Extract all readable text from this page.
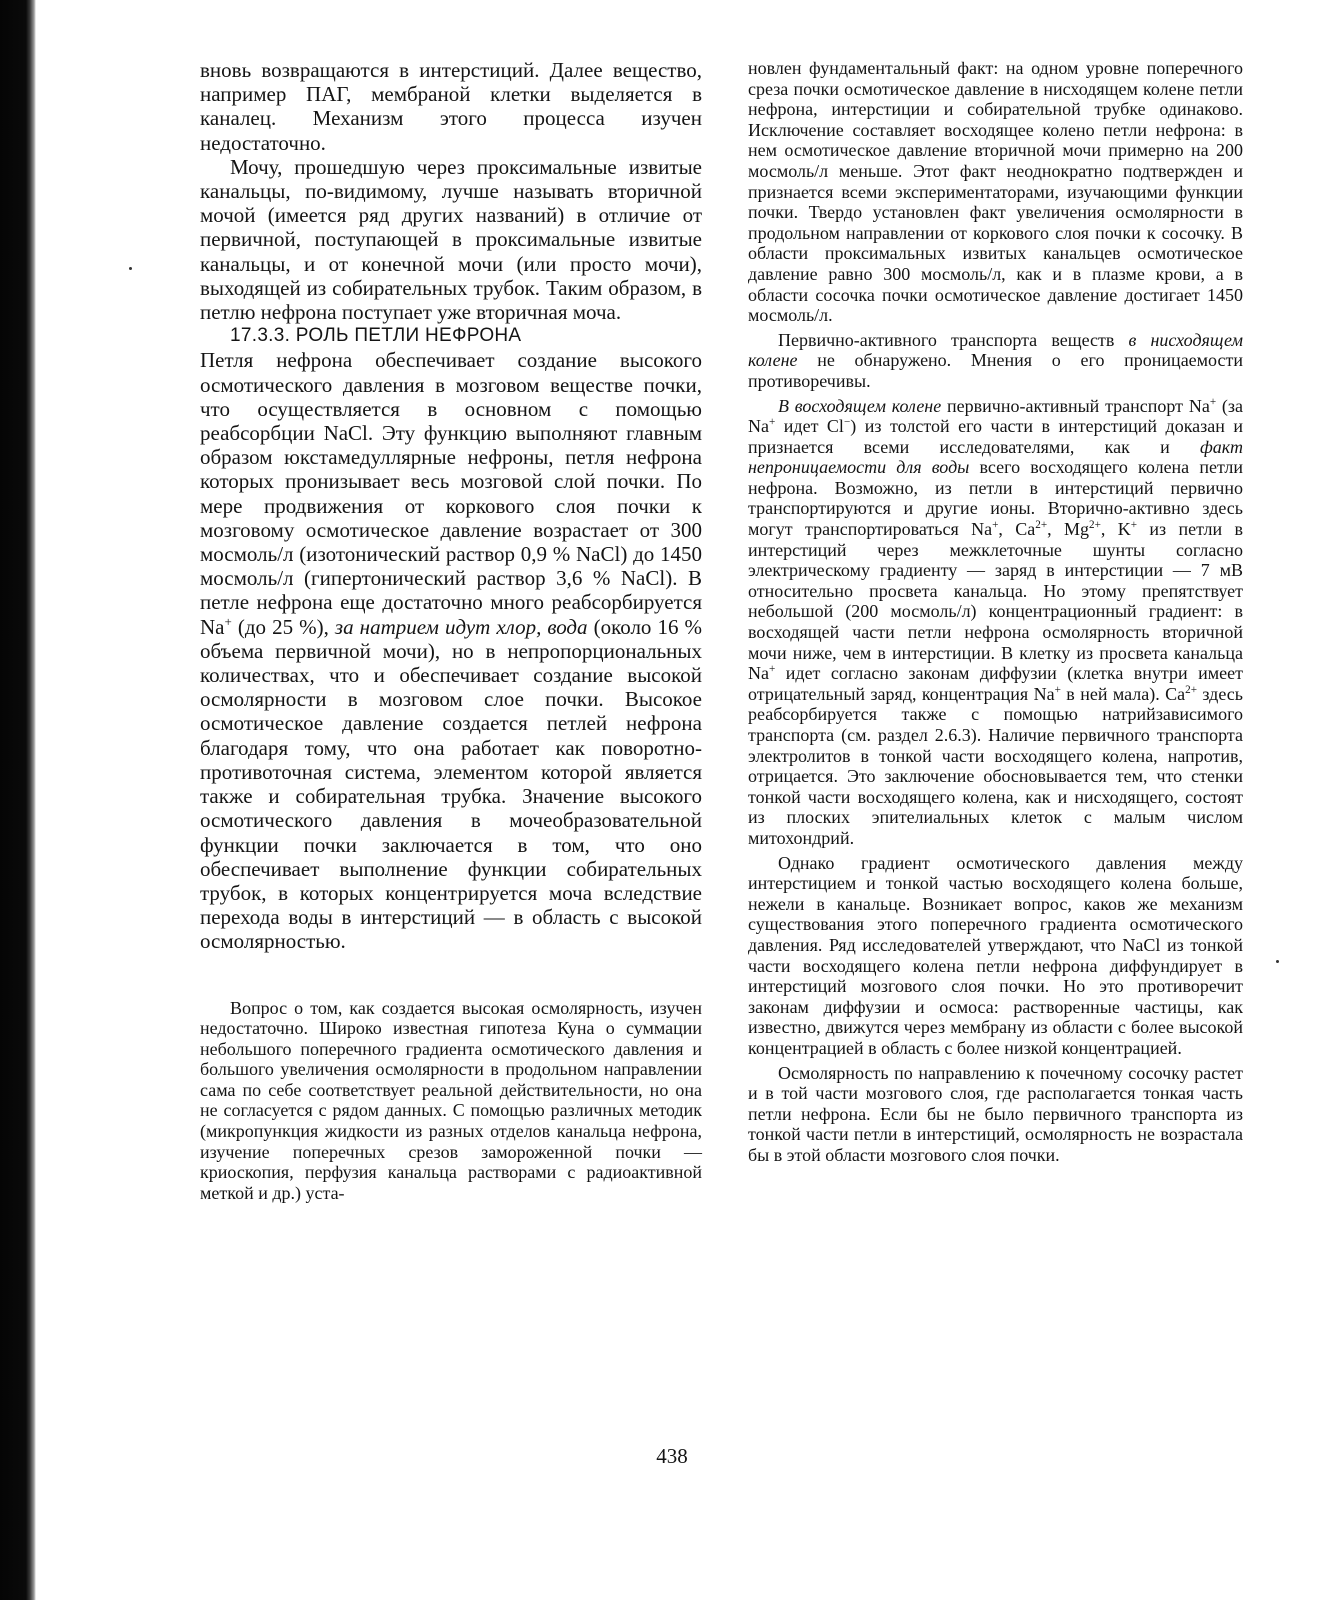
вновь возвращаются в интерстиций. Далее вещество, например ПАГ, мембраной клетки выделяется в каналец. Механизм этого процесса изучен недостаточно.

Мочу, прошедшую через проксимальные извитые канальцы, по-видимому, лучше называть вторичной мочой (имеется ряд других названий) в отличие от первичной, поступающей в проксимальные извитые канальцы, и от конечной мочи (или просто мочи), выходящей из собирательных трубок. Таким образом, в петлю нефрона поступает уже вторичная моча.

17.3.3. РОЛЬ ПЕТЛИ НЕФРОНА

Петля нефрона обеспечивает создание высокого осмотического давления в мозговом веществе почки, что осуществляется в основном с помощью реабсорбции NaCl. Эту функцию выполняют главным образом юкстамедуллярные нефроны, петля нефрона которых пронизывает весь мозговой слой почки. По мере продвижения от коркового слоя почки к мозговому осмотическое давление возрастает от 300 мосмоль/л (изотонический раствор 0,9 % NaCl) до 1450 мосмоль/л (гипертонический раствор 3,6 % NaCl). В петле нефрона еще достаточно много реабсорбируется Na+ (до 25 %), за натрием идут хлор, вода (около 16 % объема первичной мочи), но в непропорциональных количествах, что и обеспечивает создание высокой осмолярности в мозговом слое почки. Высокое осмотическое давление создается петлей нефрона благодаря тому, что она работает как поворотно-противоточная система, элементом которой является также и собирательная трубка. Значение высокого осмотического давления в мочеобразовательной функции почки заключается в том, что оно обеспечивает выполнение функции собирательных трубок, в которых концентрируется моча вследствие перехода воды в интерстиций — в область с высокой осмолярностью.

Вопрос о том, как создается высокая осмолярность, изучен недостаточно. Широко известная гипотеза Куна о суммации небольшого поперечного градиента осмотического давления и большого увеличения осмолярности в продольном направлении сама по себе соответствует реальной действительности, но она не согласуется с рядом данных. С помощью различных методик (микропункция жидкости из разных отделов канальца нефрона, изучение поперечных срезов замороженной почки — криоскопия, перфузия канальца растворами с радиоактивной меткой и др.) уста-

новлен фундаментальный факт: на одном уровне поперечного среза почки осмотическое давление в нисходящем колене петли нефрона, интерстиции и собирательной трубке одинаково. Исключение составляет восходящее колено петли нефрона: в нем осмотическое давление вторичной мочи примерно на 200 мосмоль/л меньше. Этот факт неоднократно подтвержден и признается всеми экспериментаторами, изучающими функции почки. Твердо установлен факт увеличения осмолярности в продольном направлении от коркового слоя почки к сосочку. В области проксимальных извитых канальцев осмотическое давление равно 300 мосмоль/л, как и в плазме крови, а в области сосочка почки осмотическое давление достигает 1450 мосмоль/л.

Первично-активного транспорта веществ в нисходящем колене не обнаружено. Мнения о его проницаемости противоречивы.

В восходящем колене первично-активный транспорт Na+ (за Na+ идет Cl−) из толстой его части в интерстиций доказан и признается всеми исследователями, как и факт непроницаемости для воды всего восходящего колена петли нефрона. Возможно, из петли в интерстиций первично транспортируются и другие ионы. Вторично-активно здесь могут транспортироваться Na+, $Ca^{2+}$, $Mg^{2+}$, K+ из петли в интерстиций через межклеточные шунты согласно электрическому градиенту — заряд в интерстиции — 7 мВ относительно просвета канальца. Но этому препятствует небольшой (200 мосмоль/л) концентрационный градиент: в восходящей части петли нефрона осмолярность вторичной мочи ниже, чем в интерстиции. В клетку из просвета канальца Na+ идет согласно законам диффузии (клетка внутри имеет отрицательный заряд, концентрация Na+ в ней мала). $Ca^{2+}$ здесь реабсорбируется также с помощью натрийзависимого транспорта (см. раздел 2.6.3). Наличие первичного транспорта электролитов в тонкой части восходящего колена, напротив, отрицается. Это заключение обосновывается тем, что стенки тонкой части восходящего колена, как и нисходящего, состоят из плоских эпителиальных клеток с малым числом митохондрий.

Однако градиент осмотического давления между интерстицием и тонкой частью восходящего колена больше, нежели в канальце. Возникает вопрос, каков же механизм существования этого поперечного градиента осмотического давления. Ряд исследователей утверждают, что NaCl из тонкой части восходящего колена петли нефрона диффундирует в интерстиций мозгового слоя почки. Но это противоречит законам диффузии и осмоса: растворенные частицы, как известно, движутся через мембрану из области с более высокой концентрацией в область с более низкой концентрацией.

Осмолярность по направлению к почечному сосочку растет и в той части мозгового слоя, где располагается тонкая часть петли нефрона. Если бы не было первичного транспорта из тонкой части петли в интерстиций, осмолярность не возрастала бы в этой области мозгового слоя почки.

438
